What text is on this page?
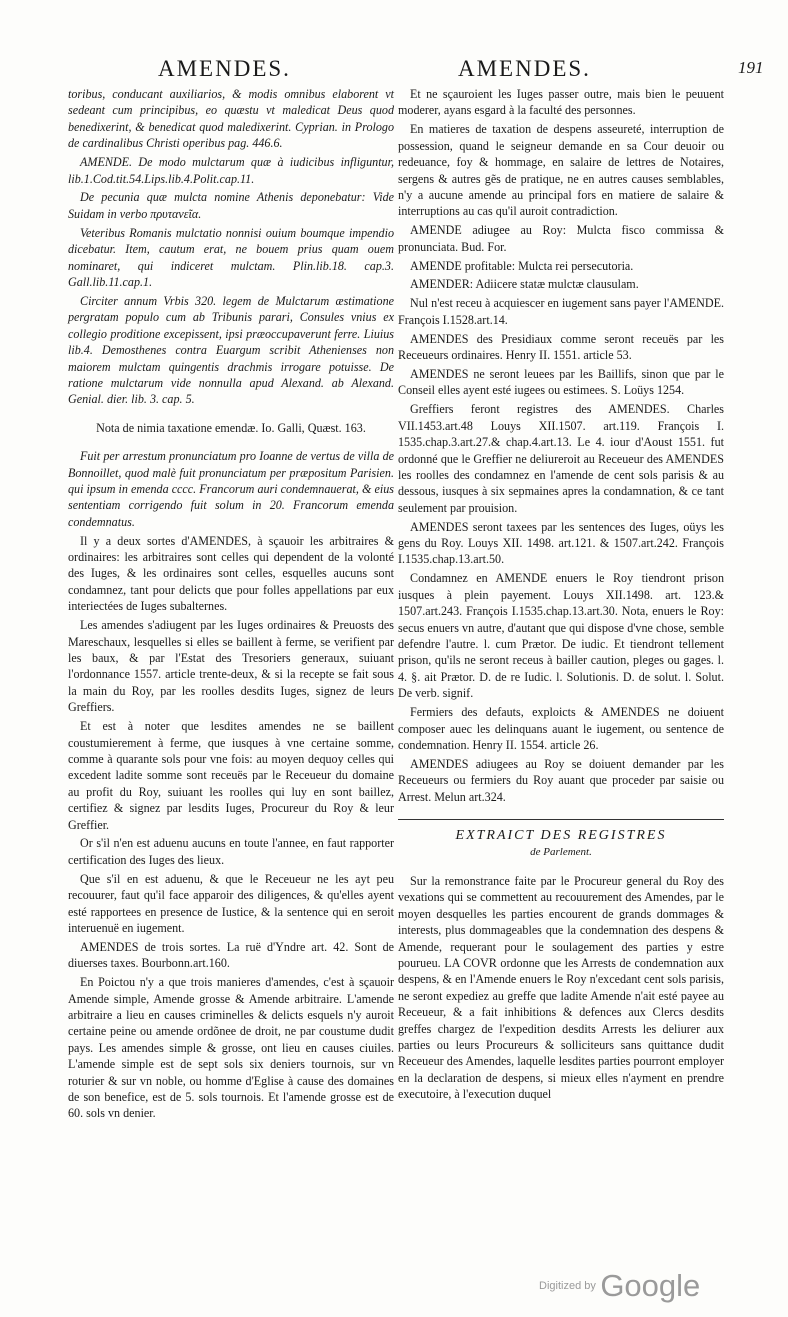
AMENDES.	AMENDES.	191

toribus, conducant auxiliarios, & modis omnibus elaborent vt sedeant cum principibus, eo quæstu vt maledicat Deus quod benedixerint, & benedicat quod maledixerint. Cyprian. in Prologo de cardinalibus Christi operibus pag. 446.6.

AMENDE. De modo mulctarum quæ à iudicibus infliguntur, lib.1.Cod.tit.54.Lips.lib.4.Polit.cap.11.

De pecunia quæ mulcta nomine Athenis deponebatur: Vide Suidam in verbo πρυτανεῖα.

Veteribus Romanis mulctatio nonnisi ouium boumque impendio dicebatur. Item, cautum erat, ne bouem prius quam ouem nominaret, qui indiceret mulctam. Plin.lib.18. cap.3. Gall.lib.11.cap.1.

Circiter annum Vrbis 320. legem de Mulctarum æstimatione pergratam populo cum ab Tribunis parari, Consules vnius ex collegio proditione excepissent, ipsi præoccupaverunt ferre. Liuius lib.4. Demosthenes contra Euargum scribit Athenienses non maiorem mulctam quingentis drachmis irrogare potuisse. De ratione mulctarum vide nonnulla apud Alexand. ab Alexand. Genial. dier. lib. 3. cap. 5.

Nota de nimia taxatione emendæ. Io. Galli, Quæst. 163.

Fuit per arrestum pronunciatum pro Ioanne de vertus de villa de Bonnoillet, quod malè fuit pronunciatum per præpositum Parisien. qui ipsum in emenda cccc. Francorum auri condemnauerat, & eius sententiam corrigendo fuit solum in 20. Francorum emenda condemnatus.

Il y a deux sortes d'AMENDES, à sçauoir les arbitraires & ordinaires: les arbitraires sont celles qui dependent de la volonté des Iuges, & les ordinaires sont celles, esquelles aucuns sont condamnez, tant pour delicts que pour folles appellations par eux interiectées de Iuges subalternes.

Les amendes s'adiugent par les Iuges ordinaires & Preuosts des Mareschaux, lesquelles si elles se baillent à ferme, se verifient par les baux, & par l'Estat des Tresoriers generaux, suiuant l'ordonnance 1557. article trente-deux, & si la recepte se fait sous la main du Roy, par les roolles desdits Iuges, signez de leurs Greffiers.

Et est à noter que lesdites amendes ne se baillent coustumierement à ferme, que iusques à vne certaine somme, comme à quarante sols pour vne fois: au moyen dequoy celles qui excedent ladite somme sont receuës par le Receueur du domaine au profit du Roy, suiuant les roolles qui luy en sont baillez, certifiez & signez par lesdits Iuges, Procureur du Roy & leur Greffier.

Or s'il n'en est aduenu aucuns en toute l'annee, en faut rapporter certification des Iuges des lieux.

Que s'il en est aduenu, & que le Receueur ne les ayt peu recouurer, faut qu'il face apparoir des diligences, & qu'elles ayent esté rapportees en presence de Iustice, & la sentence qui en seroit interuenuë en iugement.

AMENDES de trois sortes. La ruë d'Yndre art. 42. Sont de diuerses taxes. Bourbonn.art.160.

En Poictou n'y a que trois manieres d'amendes, c'est à sçauoir Amende simple, Amende grosse & Amende arbitraire. L'amende arbitraire a lieu en causes criminelles & delicts esquels n'y auroit certaine peine ou amende ordõnee de droit, ne par coustume dudit pays. Les amendes simple & grosse, ont lieu en causes ciuiles. L'amende simple est de sept sols six deniers tournois, sur vn roturier & sur vn noble, ou homme d'Eglise à cause des domaines de son benefice, est de 5. sols tournois. Et l'amende grosse est de 60. sols vn denier.

Et ne sçauroient les Iuges passer outre, mais bien le peuuent moderer, ayans esgard à la faculté des personnes.

En matieres de taxation de despens asseureté, interruption de possession, quand le seigneur demande en sa Cour deuoir ou redeuance, foy & hommage, en salaire de lettres de Notaires, sergens & autres gẽs de pratique, ne en autres causes semblables, n'y a aucune amende au principal fors en matiere de salaire & interruptions au cas qu'il auroit contradiction.

AMENDE adiugee au Roy: Mulcta fisco commissa & pronunciata. Bud. For.

AMENDE profitable: Mulcta rei persecutoria.

AMENDER: Adiicere statæ mulctæ clausulam.

Nul n'est receu à acquiescer en iugement sans payer l'AMENDE. François I.1528.art.14.

AMENDES des Presidiaux comme seront receuës par les Receueurs ordinaires. Henry II. 1551. article 53.

AMENDES ne seront leuees par les Baillifs, sinon que par le Conseil elles ayent esté iugees ou estimees. S. Loüys 1254.

Greffiers feront registres des AMENDES. Charles VII.1453.art.48 Louys XII.1507. art.119. François I. 1535.chap.3.art.27.& chap.4.art.13. Le 4. iour d'Aoust 1551. fut ordonné que le Greffier ne deliureroit au Receueur des AMENDES les roolles des condamnez en l'amende de cent sols parisis & au dessous, iusques à six sepmaines apres la condamnation, & ce tant seulement par prouision.

AMENDES seront taxees par les sentences des Iuges, oüys les gens du Roy. Louys XII. 1498. art.121. & 1507.art.242. François I.1535.chap.13.art.50.

Condamnez en AMENDE enuers le Roy tiendront prison iusques à plein payement. Louys XII.1498. art. 123.& 1507.art.243. François I.1535.chap.13.art.30. Nota, enuers le Roy: secus enuers vn autre, d'autant que qui dispose d'vne chose, semble defendre l'autre. l. cum Prætor. De iudic. Et tiendront tellement prison, qu'ils ne seront receus à bailler caution, pleges ou gages. l. 4. §. ait Prætor. D. de re Iudic. l. Solutionis. D. de solut. l. Solut. De verb. signif.

Fermiers des defauts, exploicts & AMENDES ne doiuent composer auec les delinquans auant le iugement, ou sentence de condemnation. Henry II. 1554. article 26.

AMENDES adiugees au Roy se doiuent demander par les Receueurs ou fermiers du Roy auant que proceder par saisie ou Arrest. Melun art.324.

EXTRAICT DES REGISTRES

de Parlement.

Sur la remonstrance faite par le Procureur general du Roy des vexations qui se commettent au recouurement des Amendes, par le moyen desquelles les parties encourent de grands dommages & interests, plus dommageables que la condemnation des despens & Amende, requerant pour le soulagement des parties y estre pourueu. LA COVR ordonne que les Arrests de condemnation aux despens, & en l'Amende enuers le Roy n'excedant cent sols parisis, ne seront expediez au greffe que ladite Amende n'ait esté payee au Receueur, & a fait inhibitions & defences aux Clercs desdits greffes chargez de l'expedition desdits Arrests les deliurer aux parties ou leurs Procureurs & solliciteurs sans quittance dudit Receueur des Amendes, laquelle lesdites parties pourront employer en la declaration de despens, si mieux elles n'ayment en prendre executoire, à l'execution duquel

Digitized by Google
